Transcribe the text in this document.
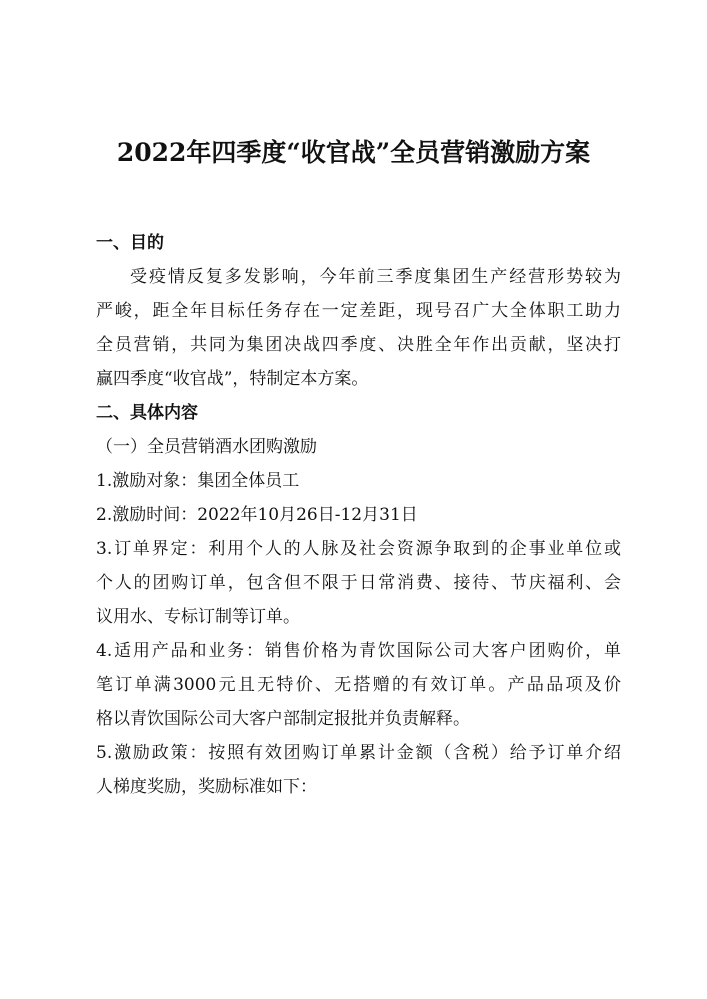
2022年四季度“收官战”全员营销激励方案
一、目的
受疫情反复多发影响，今年前三季度集团生产经营形势较为
严峻，距全年目标任务存在一定差距，现号召广大全体职工助力
全员营销，共同为集团决战四季度、决胜全年作出贡献，坚决打
赢四季度“收官战”，特制定本方案。
二、具体内容
（一）全员营销酒水团购激励
1.激励对象：集团全体员工
2.激励时间：2022年10月26日-12月31日
3.订单界定：利用个人的人脉及社会资源争取到的企事业单位或
个人的团购订单，包含但不限于日常消费、接待、节庆福利、会
议用水、专标订制等订单。
4.适用产品和业务：销售价格为青饮国际公司大客户团购价，单
笔订单满3000元且无特价、无搭赠的有效订单。产品品项及价
格以青饮国际公司大客户部制定报批并负责解释。
5.激励政策：按照有效团购订单累计金额（含税）给予订单介绍
人梯度奖励，奖励标准如下：
